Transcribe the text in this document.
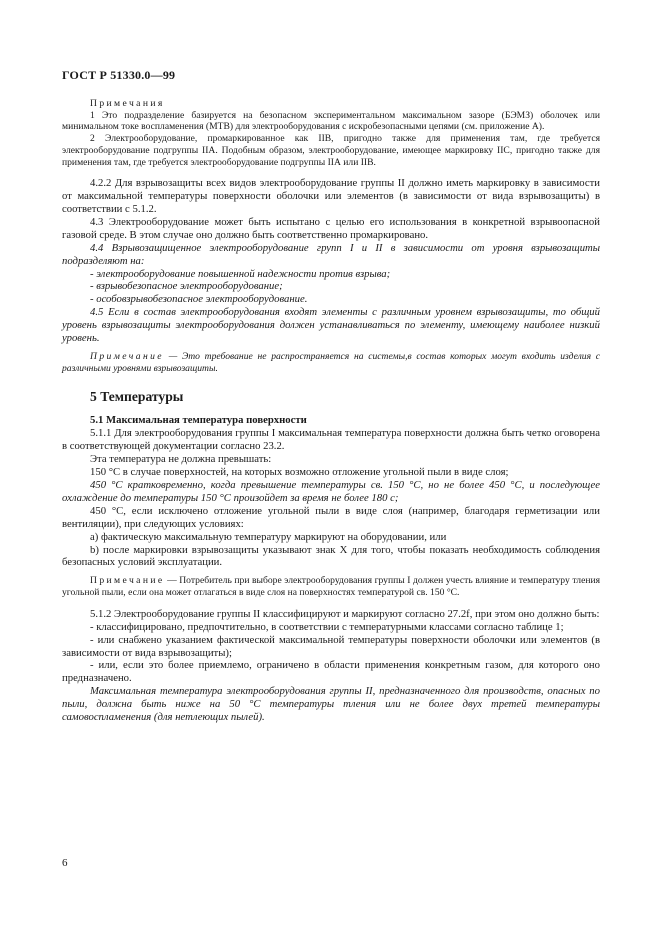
ГОСТ Р 51330.0—99

Примечания

1 Это подразделение базируется на безопасном экспериментальном максимальном зазоре (БЭМЗ) оболочек или минимальном токе воспламенения (МТВ) для электрооборудования с искробезопасными цепями (см. приложение А).

2 Электрооборудование, промаркированное как IIВ, пригодно также для применения там, где требуется электрооборудование подгруппы IIА. Подобным образом, электрооборудование, имеющее маркировку IIС, пригодно также для применения там, где требуется электрооборудование подгруппы IIА или IIВ.

4.2.2 Для взрывозащиты всех видов электрооборудование группы II должно иметь маркировку в зависимости от максимальной температуры поверхности оболочки или элементов (в зависимости от вида взрывозащиты) в соответствии с 5.1.2.

4.3 Электрооборудование может быть испытано с целью его использования в конкретной взрывоопасной газовой среде. В этом случае оно должно быть соответственно промаркировано.

4.4 Взрывозащищенное электрооборудование групп I и II в зависимости от уровня взрывозащиты подразделяют на:

- электрооборудование повышенной надежности против взрыва;

- взрывобезопасное электрооборудование;

- особовзрывобезопасное электрооборудование.

4.5 Если в состав электрооборудования входят элементы с различным уровнем взрывозащиты, то общий уровень взрывозащиты электрооборудования должен устанавливаться по элементу, имеющему наиболее низкий уровень.

Примечание — Это требование не распространяется на системы,в состав которых могут входить изделия с различными уровнями взрывозащиты.

5 Температуры

5.1 Максимальная температура поверхности

5.1.1 Для электрооборудования группы I максимальная температура поверхности должна быть четко оговорена в соответствующей документации согласно 23.2.

Эта температура не должна превышать:

150 °С в случае поверхностей, на которых возможно отложение угольной пыли в виде слоя;

450 °С кратковременно, когда превышение температуры св. 150 °С, но не более 450 °С, и последующее охлаждение до температуры 150 °С произойдет за время не более 180 с;

450 °С, если исключено отложение угольной пыли в виде слоя (например, благодаря герметизации или вентиляции), при следующих условиях:

a) фактическую максимальную температуру маркируют на оборудовании, или

b) после маркировки взрывозащиты указывают знак X для того, чтобы показать необходимость соблюдения безопасных условий эксплуатации.

Примечание — Потребитель при выборе электрооборудования группы I должен учесть влияние и температуру тления угольной пыли, если она может отлагаться в виде слоя на поверхностях температурой св. 150 °С.

5.1.2 Электрооборудование группы II классифицируют и маркируют согласно 27.2f, при этом оно должно быть:

- классифицировано, предпочтительно, в соответствии с температурными классами согласно таблице 1;

- или снабжено указанием фактической максимальной температуры поверхности оболочки или элементов (в зависимости от вида взрывозащиты);

- или, если это более приемлемо, ограничено в области применения конкретным газом, для которого оно предназначено.

Максимальная температура электрооборудования группы II, предназначенного для производств, опасных по пыли, должна быть ниже на 50 °С температуры тления или не более двух третей температуры самовоспламенения (для нетлеющих пылей).

6
